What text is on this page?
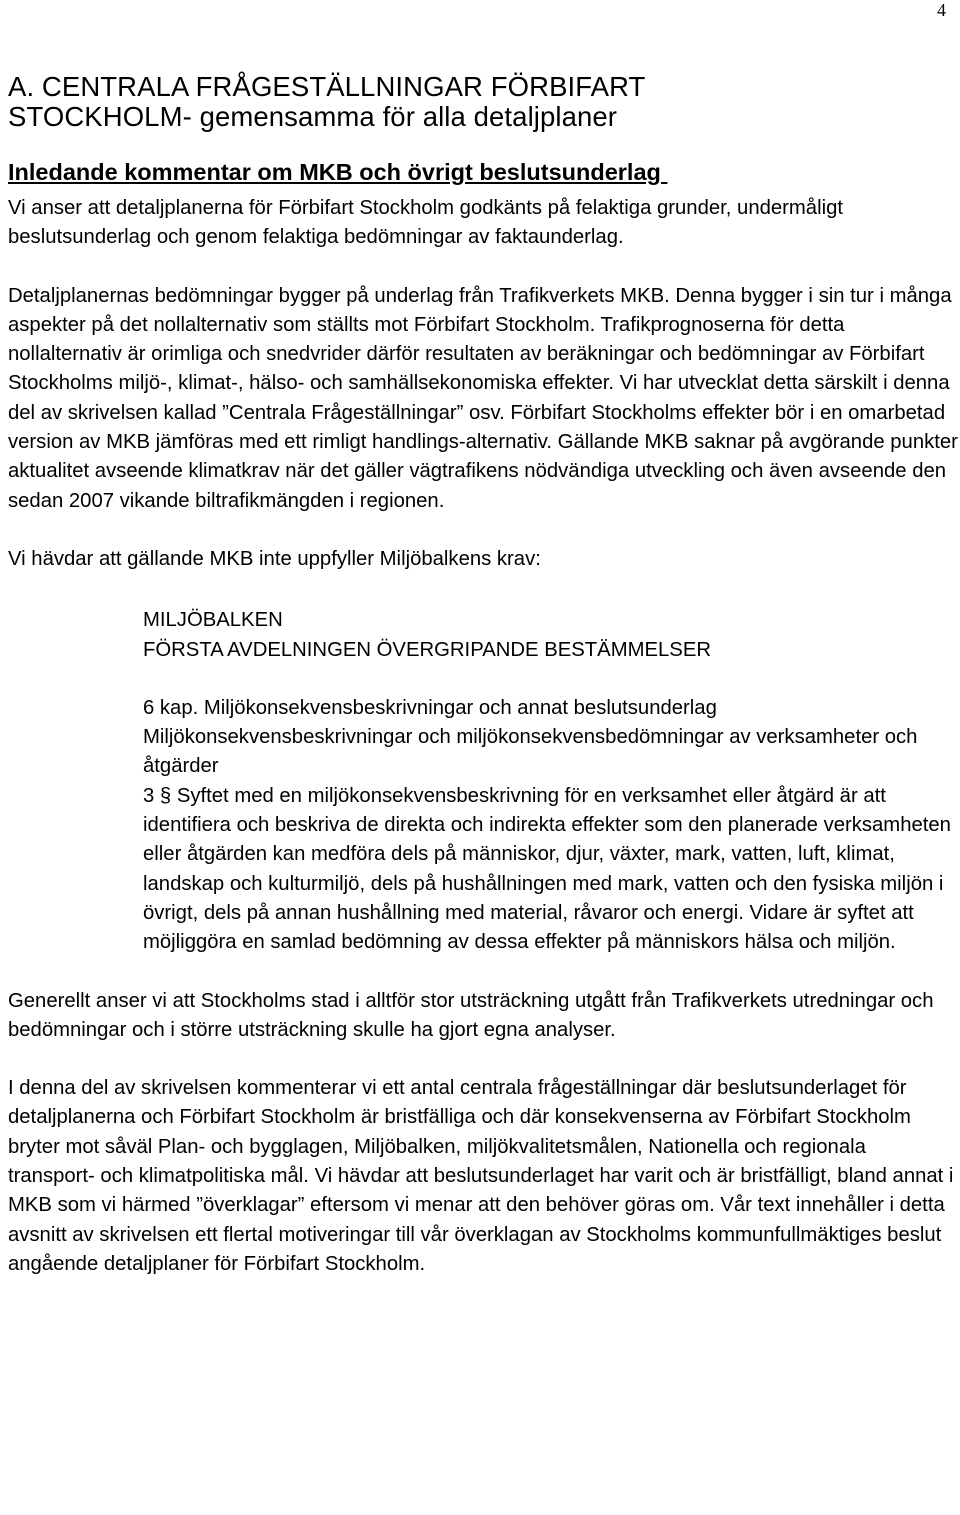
4
A. CENTRALA FRÅGESTÄLLNINGAR FÖRBIFART
STOCKHOLM- gemensamma för alla detaljplaner
Inledande kommentar om MKB och övrigt beslutsunderlag

Vi anser att detaljplanerna för Förbifart Stockholm godkänts på felaktiga grunder, undermåligt beslutsunderlag och genom felaktiga bedömningar av faktaunderlag.

Detaljplanernas bedömningar bygger på underlag från Trafikverkets MKB. Denna bygger i sin tur i många aspekter på det nollalternativ som ställts mot Förbifart Stockholm. Trafikprognoserna för detta nollalternativ är orimliga och snedvrider därför resultaten av beräkningar och bedömningar av Förbifart Stockholms miljö-, klimat-, hälso- och samhällsekonomiska effekter. Vi har utvecklat detta särskilt i denna del av skrivelsen kallad ”Centrala Frågeställningar” osv. Förbifart Stockholms effekter bör i en omarbetad version av MKB jämföras med ett rimligt handlings-alternativ. Gällande MKB saknar på avgörande punkter aktualitet avseende klimatkrav när det gäller vägtrafikens nödvändiga utveckling och även avseende den sedan 2007 vikande biltrafikmängden i regionen.

Vi hävdar att gällande MKB inte uppfyller Miljöbalkens krav:

MILJÖBALKEN
FÖRSTA AVDELNINGEN ÖVERGRIPANDE BESTÄMMELSER
6 kap. Miljökonsekvensbeskrivningar och annat beslutsunderlag
Miljökonsekvensbeskrivningar och miljökonsekvensbedömningar av verksamheter och åtgärder
3 § Syftet med en miljökonsekvensbeskrivning för en verksamhet eller åtgärd är att identifiera och beskriva de direkta och indirekta effekter som den planerade verksamheten eller åtgärden kan medföra dels på människor, djur, växter, mark, vatten, luft, klimat, landskap och kulturmiljö, dels på hushållningen med mark, vatten och den fysiska miljön i övrigt, dels på annan hushållning med material, råvaror och energi. Vidare är syftet att möjliggöra en samlad bedömning av dessa effekter på människors hälsa och miljön.

Generellt anser vi att Stockholms stad i alltför stor utsträckning utgått från Trafikverkets utredningar och bedömningar och i större utsträckning skulle ha gjort egna analyser.

I denna del av skrivelsen kommenterar vi ett antal centrala frågeställningar där beslutsunderlaget för detaljplanerna och Förbifart Stockholm är bristfälliga och där konsekvenserna av Förbifart Stockholm bryter mot såväl Plan- och bygglagen, Miljöbalken, miljökvalitetsmålen, Nationella och regionala transport- och klimatpolitiska mål. Vi hävdar att beslutsunderlaget har varit och är bristfälligt, bland annat i MKB som vi härmed ”överklagar” eftersom vi menar att den behöver göras om. Vår text innehåller i detta avsnitt av skrivelsen ett flertal motiveringar till vår överklagan av Stockholms kommunfullmäktiges beslut angående detaljplaner för Förbifart Stockholm.
